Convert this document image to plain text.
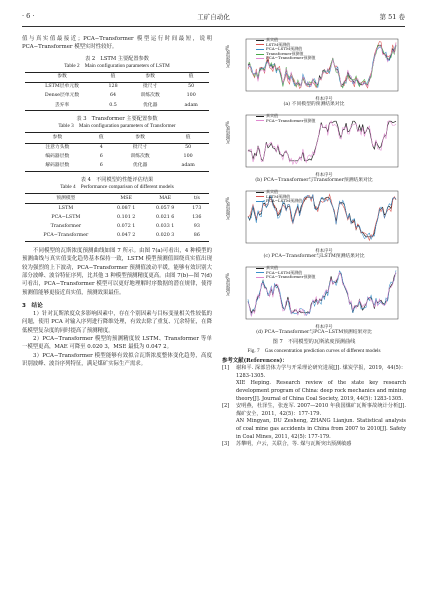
· 6 ·	工矿自动化	第 51 卷

值与真实值最接近；PCA−Transformer 模型运行时间最短，说明 PCA−Transformer 模型实时性较好。

表 2　LSTM 主要配置参数
Table 2　Main configuration parameters of LSTM
参数	值	参数	值
LSTM层单元数	128	批尺寸	50
Dense层单元数	64	训练次数	100
丢弃率	0.5	优化器	adam
表 3　Transformer 主要配置参数
Table 3　Main configuration parameters of Transformer
参数	值	参数	值
注意力头数	4	批尺寸	50
编码器层数	6	训练次数	100
解码器层数	6	优化器	adam
表 4　不同模型的性能评估结果
Table 4　Performance comparison of different models
预测模型	MSE	MAE	t/s
LSTM	0.087 1	0.057 9	173
PCA−LSTM	0.101 2	0.021 6	136
Transformer	0.072 1	0.033 1	93
PCA−Transformer	0.047 2	0.020 3	86

不同模型的瓦斯浓度预测曲线如图 7 所示。由图 7(a)可看出，4 种模型的预测曲线与真实值变化趋势基本保持一致，LSTM 模型预测值围绕真实值出现较为强烈的上下波动，PCA−Transformer 预测值波动平缓，能够有效识别大部分波峰、波谷特征序列，比其他 3 种模型预测精度更高。由图 7(b)—图 7(d)可看出，PCA−Transformer 模型可以更好地理解时序数据的潜在规律，使得预测值能够更接近真实值，预测效果最佳。

3　结论

1）针对瓦斯浓度众多影响因素中，存在个别因素与目标变量相关性较低的问题，使用 PCA 对输入序列进行降维处理，有效去除了重复、冗余特征，在降低模型复杂度的同时提高了预测精度。

2）PCA−Transformer 模型的预测精度较 LSTM、Transformer 等单一模型更高，MAE 可降至 0.020 3，MSE 最低为 0.047 2。

3）PCA−Transformer 模型能够有效拟合瓦斯浓度整体变化趋势，高度识别波峰、波谷序列特征，满足煤矿实际生产需求。

瓦斯浓度/%
真实值
LSTM预测值
PCA−LSTM预测值
Transformer预测值
PCA−Transformer预测值
样本序号
(a) 不同模型的预测结果对比
瓦斯浓度/%
真实值
PCA−Transformer预测值
样本序号
(b) PCA−Transformer与Transformer预测结果对比
瓦斯浓度/%
真实值
LSTM预测值
PCA−LSTM预测值
样本序号
(c) PCA−Transformer与LSTM预测结果对比
瓦斯浓度/%
真实值
PCA−LSTM预测值
PCA−Transformer预测值
样本序号
(d) PCA−Transformer与PCA−LSTM预测结果对比
图 7　不同模型的瓦斯浓度预测曲线
Fig. 7　Gas concentration prediction curves of different models
参考文献(References)：
[1]	谢和平. 深部岩体力学与开采理论研究进展[J]. 煤炭学报，2019，44(5)：1283-1305.
XIE Heping. Research review of the state key research development program of China: deep rock mechanics and mining theory[J]. Journal of China Coal Society, 2019, 44(5): 1283-1305.
[2]	安明燕，杜泽生，张连军. 2007—2010 年我国煤矿瓦斯事故统计分析[J]. 煤矿安全，2011，42(5)：177-179.
AN Mingyan, DU Zesheng, ZHANG Lianjun. Statistical analysis of coal mine gas accidents in China from 2007 to 2010[J]. Safety in Coal Mines, 2011, 42(5): 177-179.
[3]	苏攀明，卢云，关联合，等. 煤与瓦斯突出预测敏感
